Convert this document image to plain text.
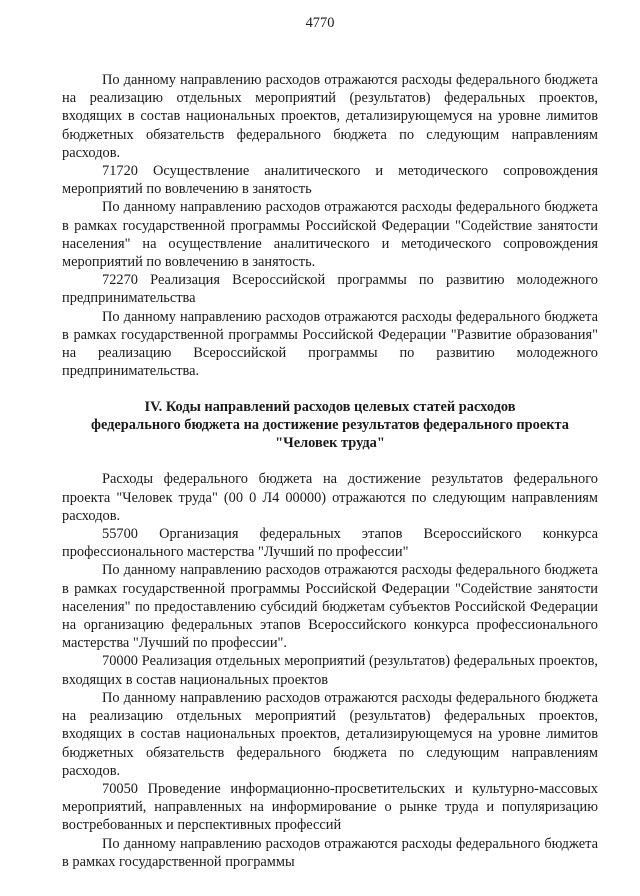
4770

По данному направлению расходов отражаются расходы федерального бюджета на реализацию отдельных мероприятий (результатов) федеральных проектов, входящих в состав национальных проектов, детализирующемуся на уровне лимитов бюджетных обязательств федерального бюджета по следующим направлениям расходов.

71720 Осуществление аналитического и методического сопровождения мероприятий по вовлечению в занятость

По данному направлению расходов отражаются расходы федерального бюджета в рамках государственной программы Российской Федерации "Содействие занятости населения" на осуществление аналитического и методического сопровождения мероприятий по вовлечению в занятость.

72270 Реализация Всероссийской программы по развитию молодежного предпринимательства

По данному направлению расходов отражаются расходы федерального бюджета в рамках государственной программы Российской Федерации "Развитие образования" на реализацию Всероссийской программы по развитию молодежного предпринимательства.

IV. Коды направлений расходов целевых статей расходов
федерального бюджета на достижение результатов федерального проекта
"Человек труда"

Расходы федерального бюджета на достижение результатов федерального проекта "Человек труда" (00 0 Л4 00000) отражаются по следующим направлениям расходов.

55700 Организация федеральных этапов Всероссийского конкурса профессионального мастерства "Лучший по профессии"

По данному направлению расходов отражаются расходы федерального бюджета в рамках государственной программы Российской Федерации "Содействие занятости населения" по предоставлению субсидий бюджетам субъектов Российской Федерации на организацию федеральных этапов Всероссийского конкурса профессионального мастерства "Лучший по профессии".

70000 Реализация отдельных мероприятий (результатов) федеральных проектов, входящих в состав национальных проектов

По данному направлению расходов отражаются расходы федерального бюджета на реализацию отдельных мероприятий (результатов) федеральных проектов, входящих в состав национальных проектов, детализирующемуся на уровне лимитов бюджетных обязательств федерального бюджета по следующим направлениям расходов.

70050 Проведение информационно-просветительских и культурно-массовых мероприятий, направленных на информирование о рынке труда и популяризацию востребованных и перспективных профессий

По данному направлению расходов отражаются расходы федерального бюджета в рамках государственной программы
